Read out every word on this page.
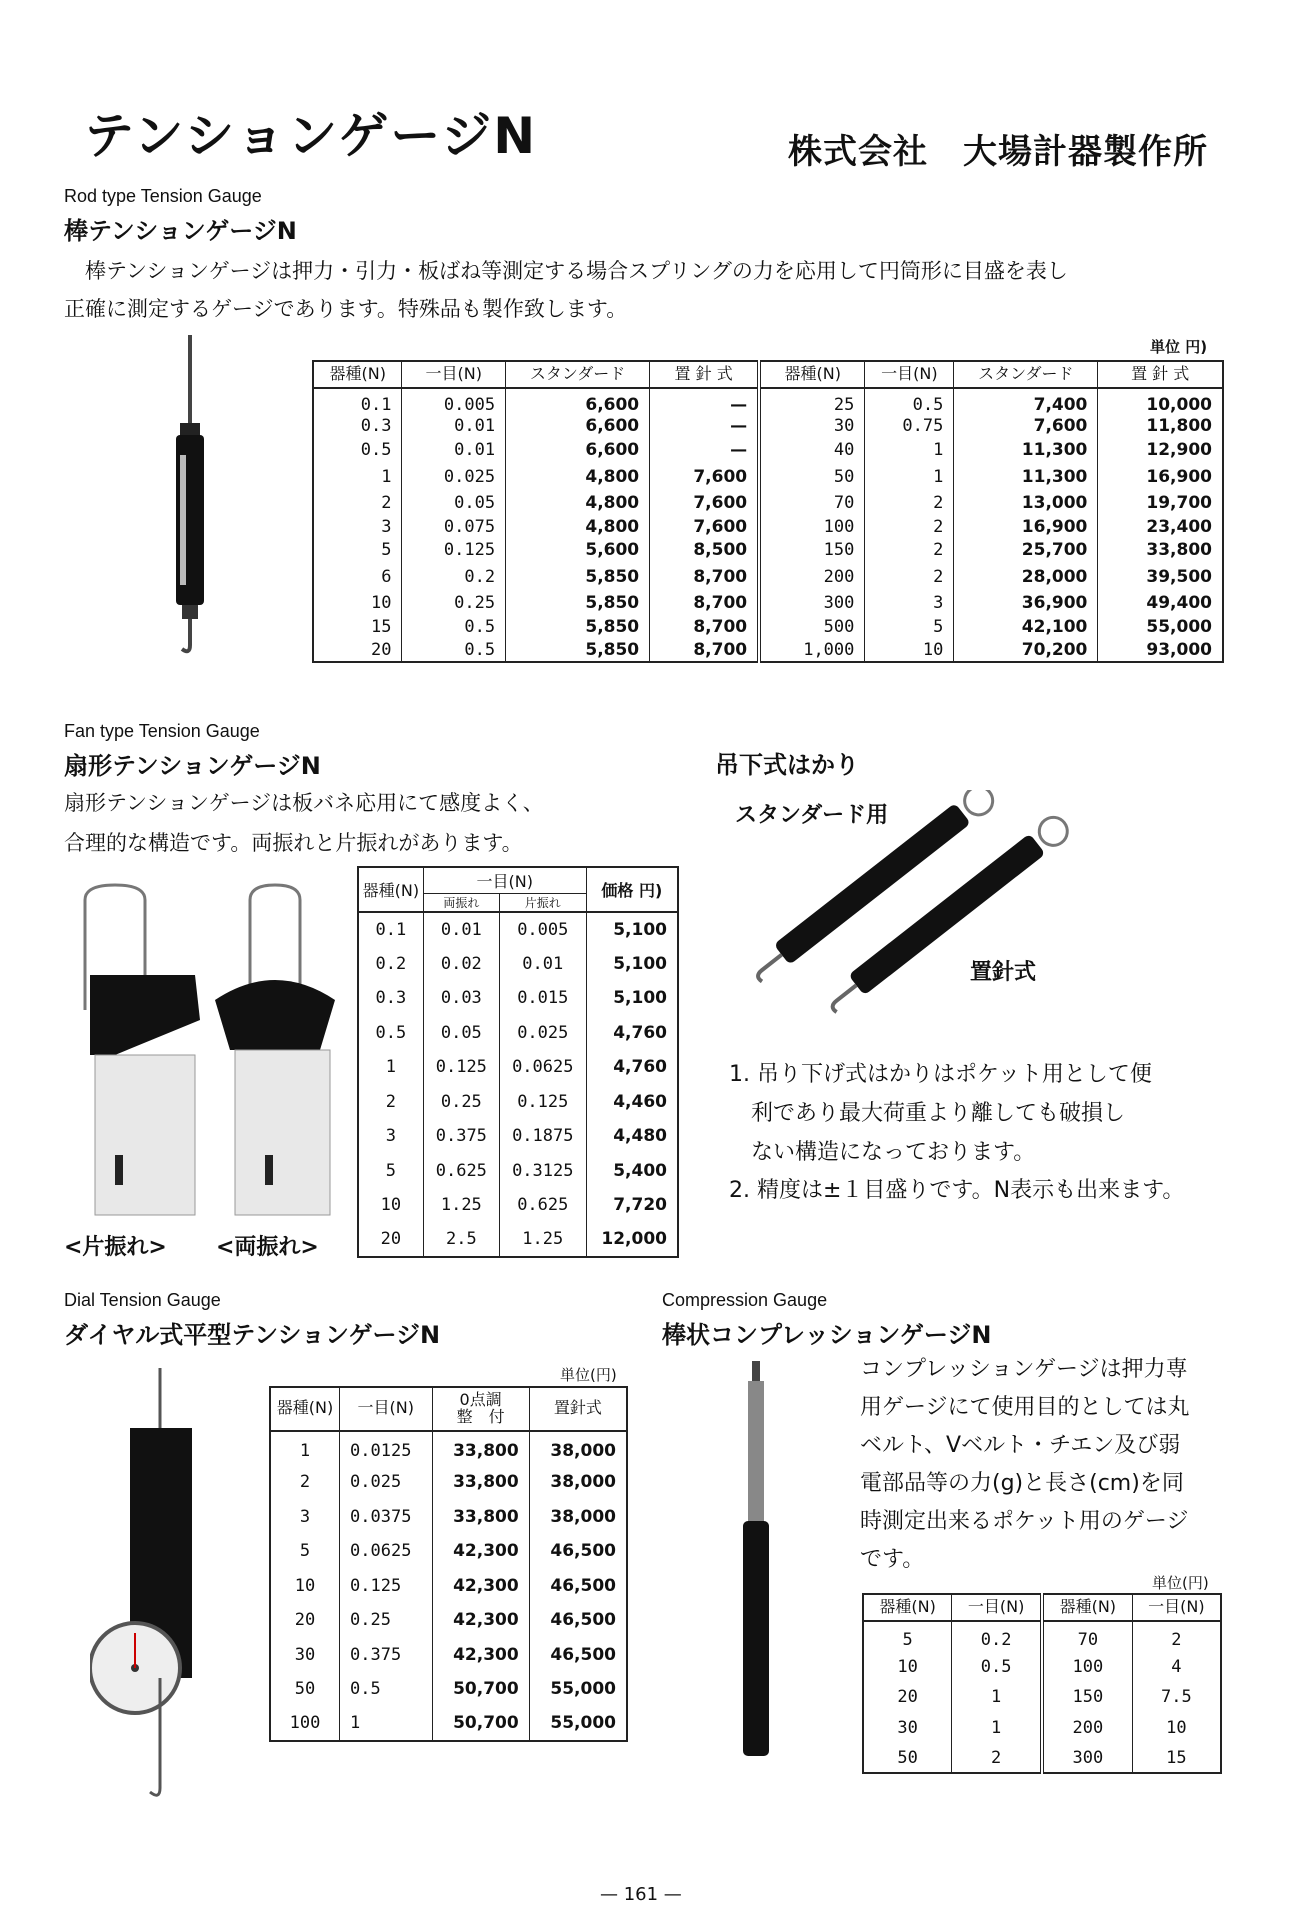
テンションゲージN	株式会社　大場計器製作所
Rod type Tension Gauge
棒テンションゲージN
　棒テンションゲージは押力・引力・板ばね等測定する場合スプリングの力を応用して円筒形に目盛を表し
正確に測定するゲージであります。特殊品も製作致します。
単位 円)
器種(N)	一目(N)	スタンダード	置 針 式	器種(N)	一目(N)	スタンダード	置 針 式
0.1	0.005	6,600	—	25	0.5	7,400	10,000
0.3	0.01	6,600	—	30	0.75	7,600	11,800
0.5	0.01	6,600	—	40	1	11,300	12,900
1	0.025	4,800	7,600	50	1	11,300	16,900
2	0.05	4,800	7,600	70	2	13,000	19,700
3	0.075	4,800	7,600	100	2	16,900	23,400
5	0.125	5,600	8,500	150	2	25,700	33,800
6	0.2	5,850	8,700	200	2	28,000	39,500
10	0.25	5,850	8,700	300	3	36,900	49,400
15	0.5	5,850	8,700	500	5	42,100	55,000
20	0.5	5,850	8,700	1,000	10	70,200	93,000
Fan type Tension Gauge
扇形テンションゲージN
扇形テンションゲージは板バネ応用にて感度よく、
合理的な構造です。両振れと片振れがあります。
<片振れ> <両振れ>
器種(N)	一目(N)		価格 円)
	両振れ	片振れ	
0.1	0.01	0.005	5,100
0.2	0.02	0.01	5,100
0.3	0.03	0.015	5,100
0.5	0.05	0.025	4,760
1	0.125	0.0625	4,760
2	0.25	0.125	4,460
3	0.375	0.1875	4,480
5	0.625	0.3125	5,400
10	1.25	0.625	7,720
20	2.5	1.25	12,000
吊下式はかり
スタンダード用
置針式
1. 吊り下げ式はかりはポケット用として便
　利であり最大荷重より離しても破損し
　ない構造になっております。
2. 精度は±１目盛りです。N表示も出来ます。
Dial Tension Gauge
ダイヤル式平型テンションゲージN
単位(円)
器種(N)	一目(N)	0点調
整　付	置針式
1	0.0125	33,800	38,000
2	0.025	33,800	38,000
3	0.0375	33,800	38,000
5	0.0625	42,300	46,500
10	0.125	42,300	46,500
20	0.25	42,300	46,500
30	0.375	42,300	46,500
50	0.5	50,700	55,000
100	1	50,700	55,000
Compression Gauge
棒状コンプレッションゲージN
コンプレッションゲージは押力専
用ゲージにて使用目的としては丸
ベルト、Vベルト・チエン及び弱
電部品等の力(g)と長さ(cm)を同
時測定出来るポケット用のゲージ
です。
単位(円)
器種(N)	一目(N)	器種(N)	一目(N)
5	0.2	70	2
10	0.5	100	4
20	1	150	7.5
30	1	200	10
50	2	300	15
— 161 —
